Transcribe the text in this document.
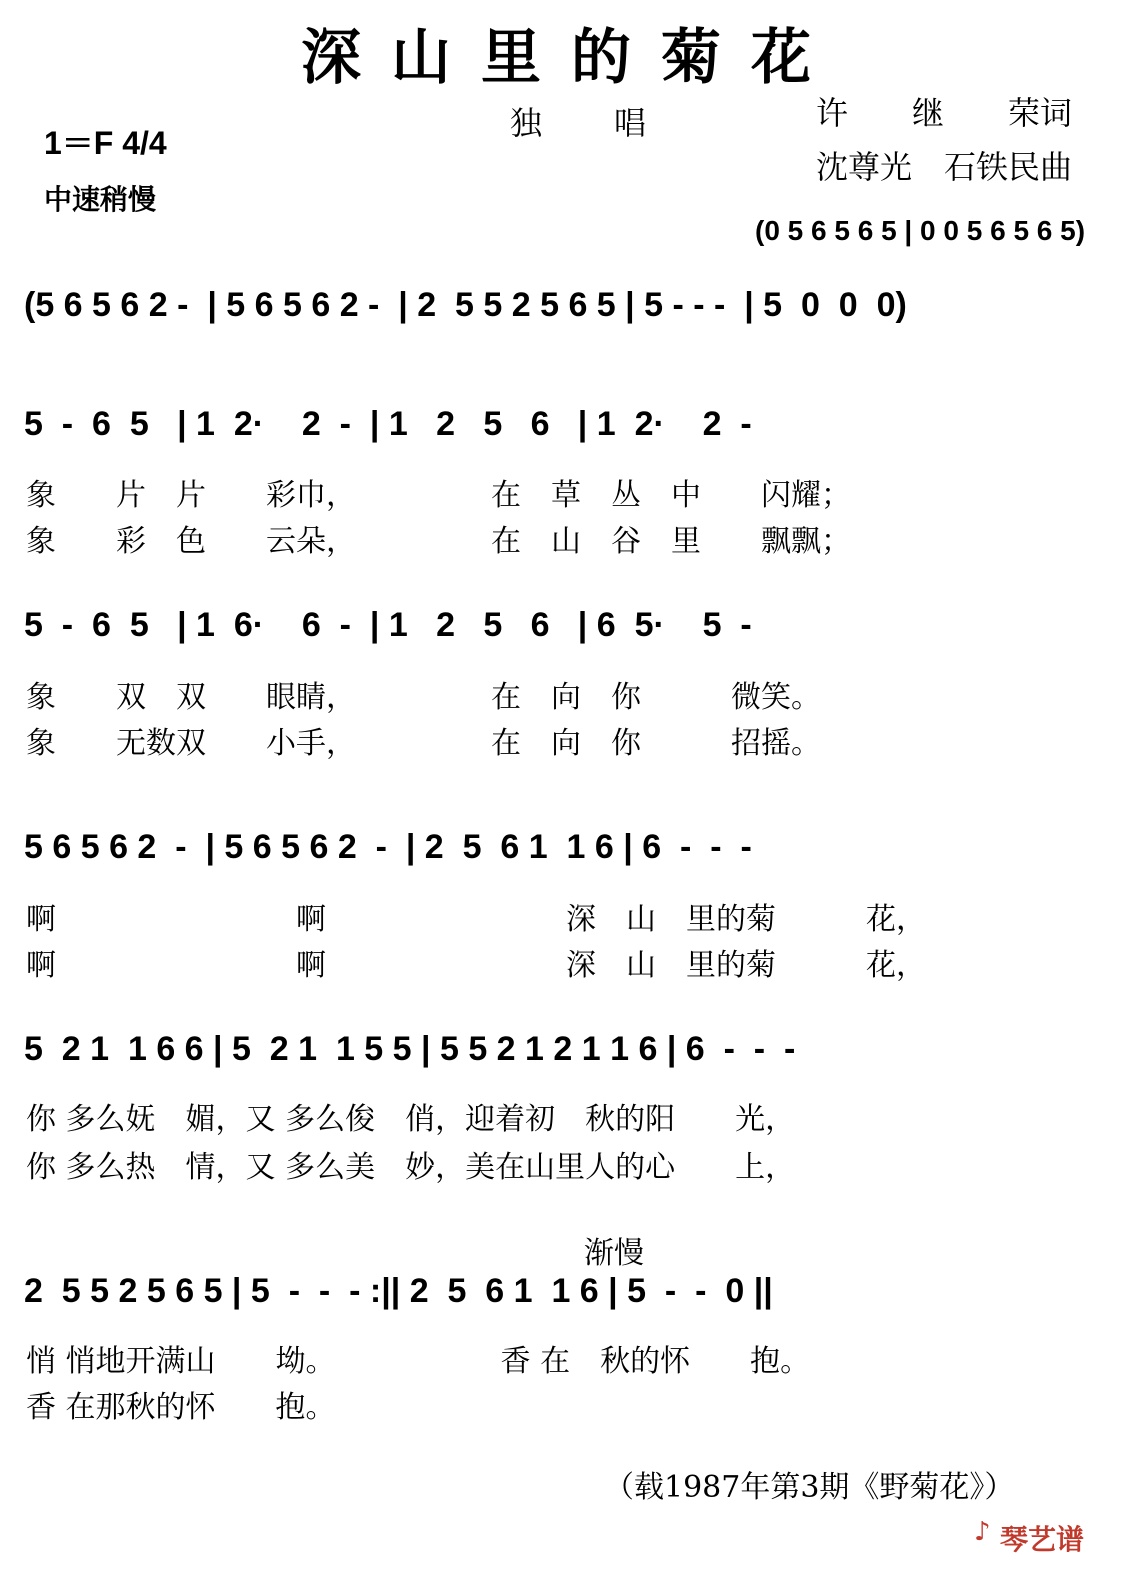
深山里的菊花
独　唱	许　　继　　荣词
沈尊光　石铁民曲
1＝F 4/4
中速稍慢
(0 5 6 5 6 5 | 0 0 5 6 5 6 5)
(5 6 5 6 2 -  | 5 6 5 6 2 -  | 2  5 5 2 5 6 5 | 5 - - -  | 5  0  0  0)
5  -  6  5   | 1  2·    2  -  | 1   2   5   6   | 1  2·    2  -
象　　片　片　　彩巾，　　　　　在　草　丛　中　　闪耀；
象　　彩　色　　云朵，　　　　　在　山　谷　里　　飘飘；
5  -  6  5   | 1  6·    6  -  | 1   2   5   6   | 6  5·    5  -
象　　双　双　　眼睛，　　　　　在　向　你　　　微笑。
象　　无数双　　小手，　　　　　在　向　你　　　招摇。
5 6 5 6 2  -  | 5 6 5 6 2  -  | 2  5  6 1  1 6 | 6  -  -  -
啊　　　　　　　　啊　　　　　　　　深　山　里的菊　　　花，
啊　　　　　　　　啊　　　　　　　　深　山　里的菊　　　花，
5  2 1  1 6 6 | 5  2 1  1 5 5 | 5 5 2 1 2 1 1 6 | 6  -  -  -
你 多么妩　媚，又 多么俊　俏，迎着初　秋的阳　　光，
你 多么热　情，又 多么美　妙，美在山里人的心　　上，
渐慢
2  5 5 2 5 6 5 | 5  -  -  - :|| 2  5  6 1  1 6 | 5  -  -  0 ||
悄 悄地开满山　　坳。　　　　　　香 在　秋的怀　　抱。
香 在那秋的怀　　抱。
（载1987年第3期《野菊花》）
♪ 琴艺谱
